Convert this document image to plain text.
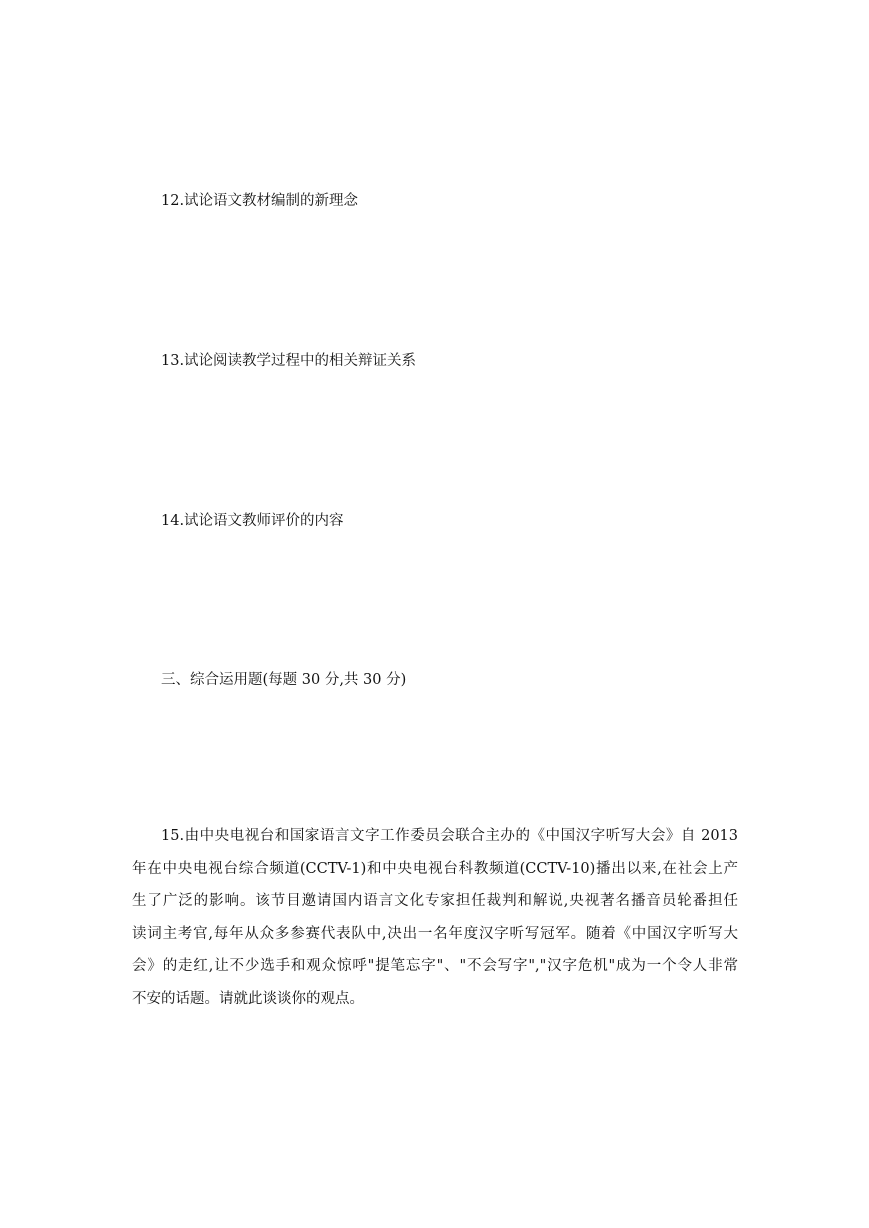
12.试论语文教材编制的新理念
13.试论阅读教学过程中的相关辩证关系
14.试论语文教师评价的内容
三、综合运用题(每题 30 分,共 30 分)
15.由中央电视台和国家语言文字工作委员会联合主办的《中国汉字听写大会》自 2013
年在中央电视台综合频道(CCTV-1)和中央电视台科教频道(CCTV-10)播出以来,在社会上产
生了广泛的影响。该节目邀请国内语言文化专家担任裁判和解说,央视著名播音员轮番担任
读词主考官,每年从众多参赛代表队中,决出一名年度汉字听写冠军。随着《中国汉字听写大
会》的走红,让不少选手和观众惊呼"提笔忘字"、"不会写字","汉字危机"成为一个令人非常
不安的话题。请就此谈谈你的观点。
